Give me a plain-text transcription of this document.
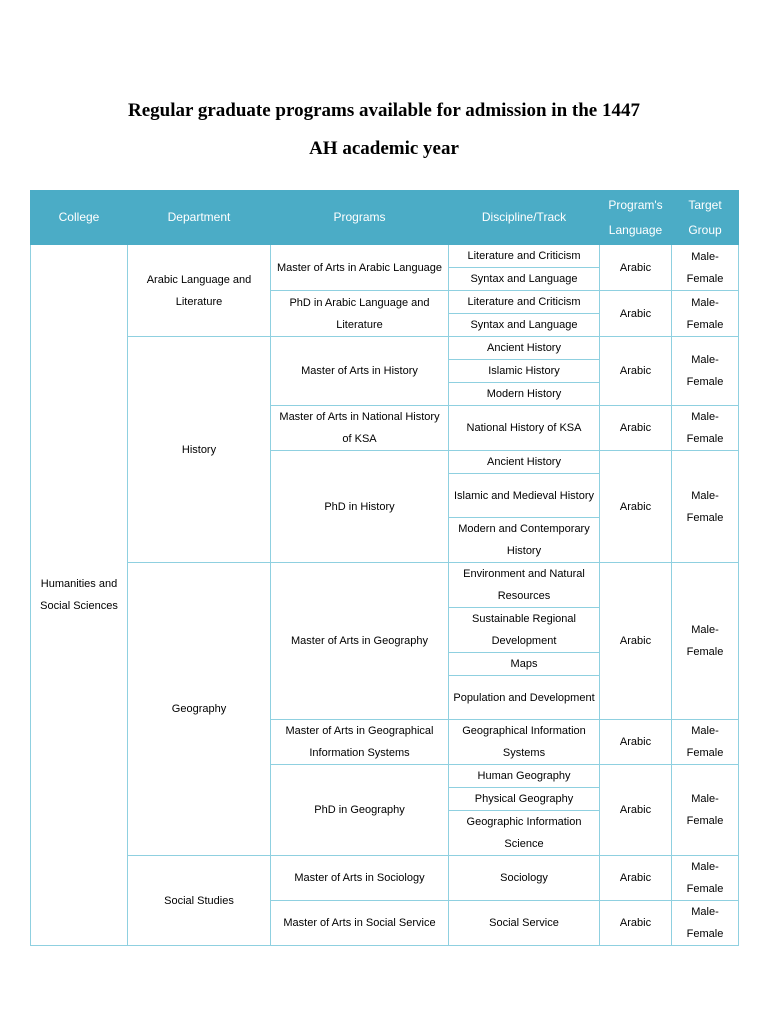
Regular graduate programs available for admission in the 1447
AH academic year
College	Department	Programs	Discipline/Track	Program's Language	Target Group
Humanities and Social Sciences	Arabic Language and Literature	Master of Arts in Arabic Language	Literature and Criticism	Arabic	Male-Female
			Syntax and Language		
		PhD in Arabic Language and Literature	Literature and Criticism	Arabic	Male-Female
			Syntax and Language		
	History	Master of Arts in History	Ancient History	Arabic	Male-Female
			Islamic History		
			Modern History		
		Master of Arts in National History of KSA	National History of KSA	Arabic	Male-Female

		PhD in History	Ancient History	Arabic	Male-Female
			Islamic and Medieval History		

			Modern and Contemporary History		

	Geography	Master of Arts in Geography	Environment and Natural Resources	Arabic	Male-Female

			Sustainable Regional Development		

			Maps		
			Population and Development		

		Master of Arts in Geographical Information Systems	Geographical Information Systems	Arabic	Male-Female

		PhD in Geography	Human Geography	Arabic	Male-Female
			Physical Geography		
			Geographic Information Science		

	Social Studies	Master of Arts in Sociology	Sociology	Arabic	Male-Female

		Master of Arts in Social Service	Social Service	Arabic	Male-Female
